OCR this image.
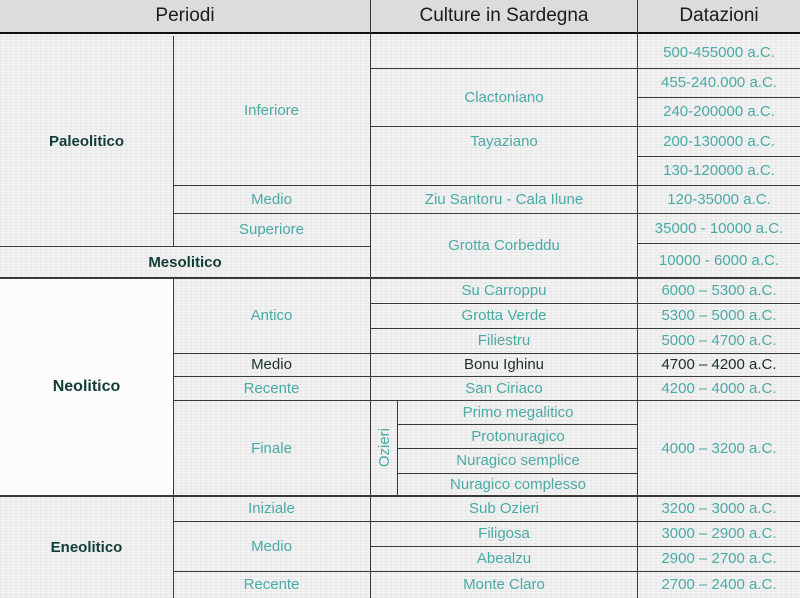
Periodi	Culture in Sardegna	Datazioni
Paleolitico
Mesolitico
Neolitico
Eneolitico
Inferiore
Medio
Superiore
Antico
Medio
Recente
Finale
Iniziale
Medio
Recente
Clactoniano
Tayaziano
Ziu Santoru - Cala Ilune
Grotta Corbeddu
Su Carroppu
Grotta Verde
Filiestru
Bonu Ighinu
San Ciriaco
Ozieri
Primo megalitico
Protonuragico
Nuragico semplice
Nuragico complesso
Sub Ozieri
Filigosa
Abealzu
Monte Claro
500-455000 a.C.
455-240.000 a.C.
240-200000 a.C.
200-130000 a.C.
130-120000 a.C.
120-35000 a.C.
35000 - 10000 a.C.
10000 - 6000 a.C.
6000 – 5300 a.C.
5300 – 5000 a.C.
5000 – 4700 a.C.
4700 – 4200 a.C.
4200 – 4000 a.C.
4000 – 3200 a.C.
3200 – 3000 a.C.
3000 – 2900 a.C.
2900 – 2700 a.C.
2700 – 2400 a.C.
